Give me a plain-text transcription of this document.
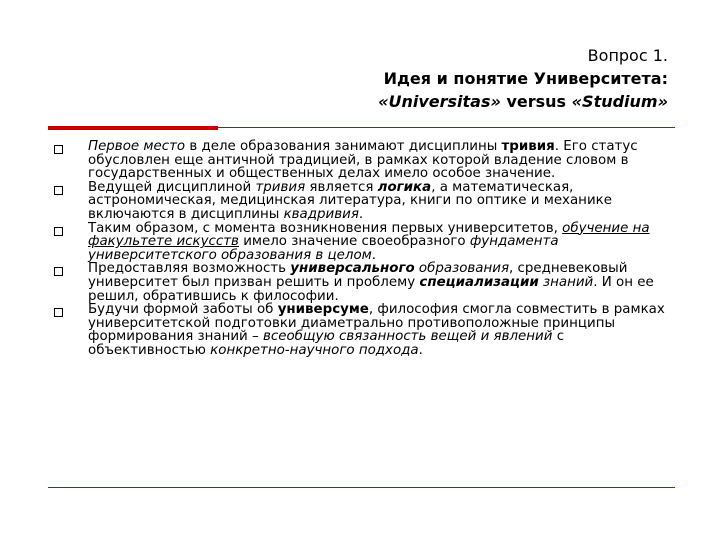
Вопрос 1.
Идея и понятие Университета:
«Universitas» versus «Studium»
Первое место в деле образования занимают дисциплины тривия. Его статус обусловлен еще античной традицией, в рамках которой владение словом в государственных и общественных делах имело особое значение.
Ведущей дисциплиной тривия является логика, а математическая, астрономическая, медицинская литература, книги по оптике и механике включаются в дисциплины квадривия.
Таким образом, с момента возникновения первых университетов, обучение на факультете искусств имело значение своеобразного фундамента университетского образования в целом.
Предоставляя возможность универсального образования, средневековый университет был призван решить и проблему специализации знаний. И он ее решил, обратившись к философии.
Будучи формой заботы об универсуме, философия смогла совместить в рамках университетской подготовки диаметрально противоположные принципы формирования знаний – всеобщую связанность вещей и явлений с объективностью конкретно-научного подхода.
